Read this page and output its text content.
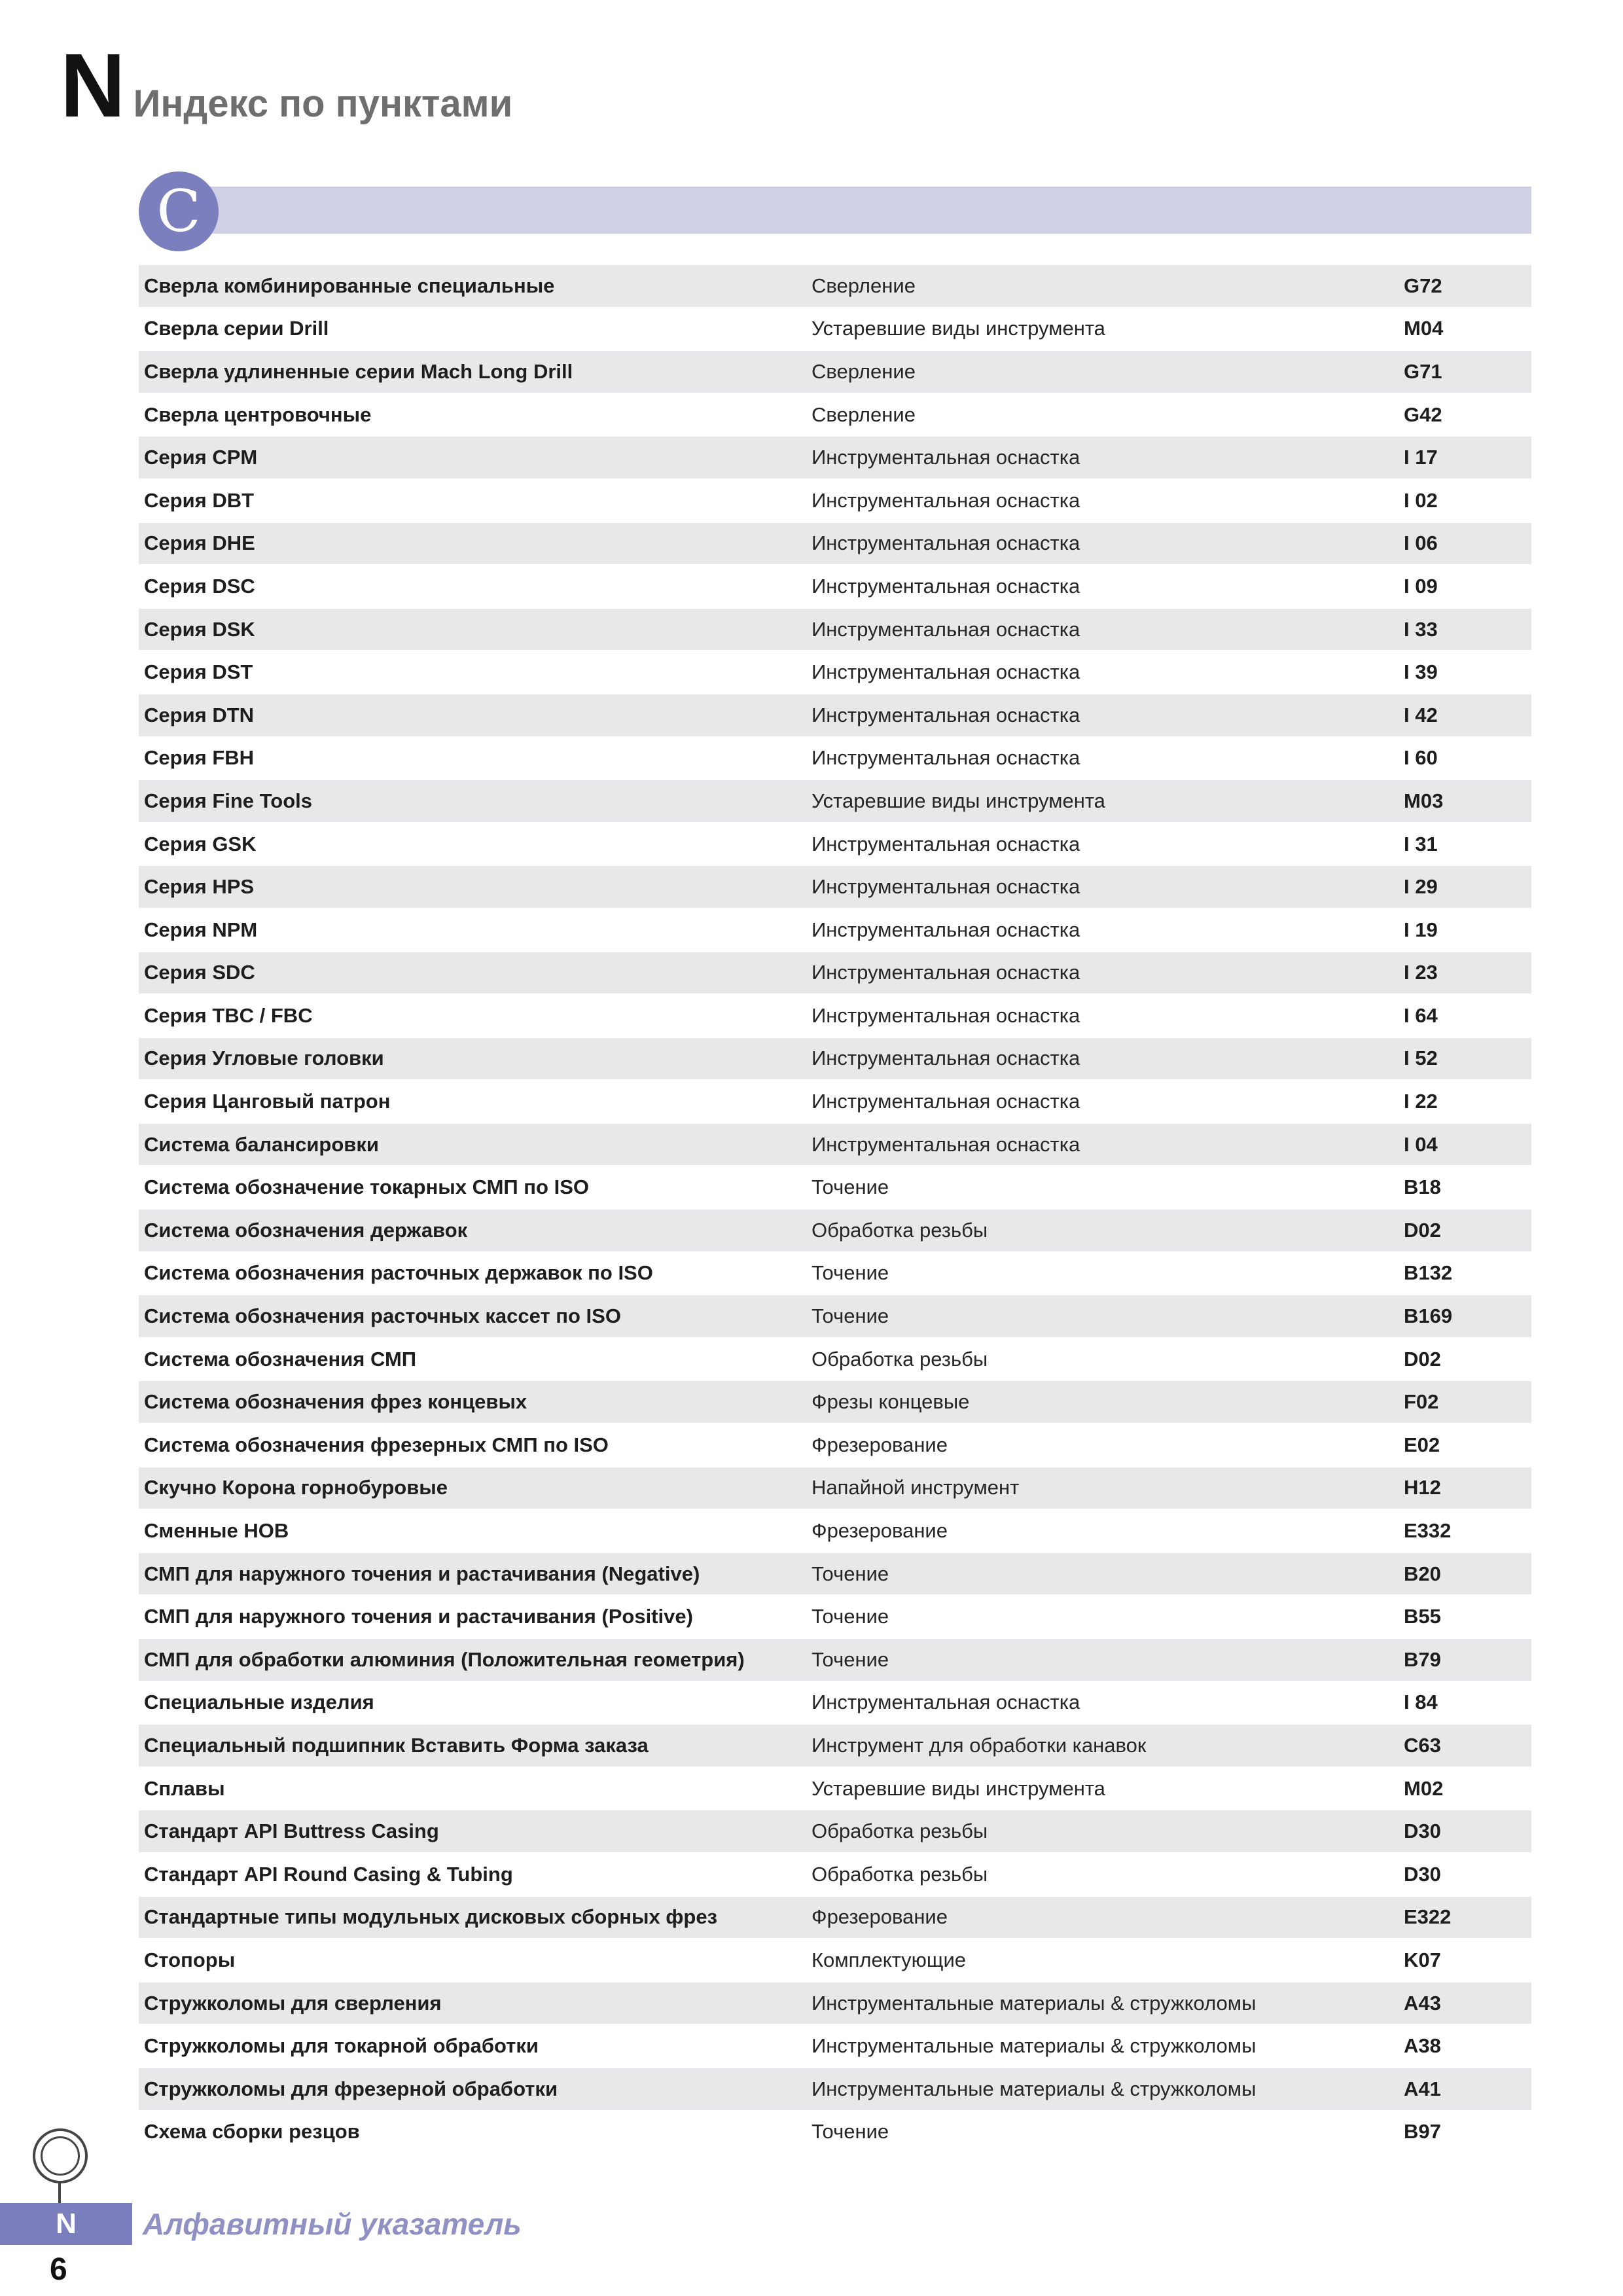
N Индекс по пунктами
C
Сверла комбинированные специальные	Сверление	G72
Сверла серии Drill	Устаревшие виды инструмента	M04
Сверла удлиненные серии Mach Long Drill	Сверление	G71
Сверла центровочные	Сверление	G42
Серия CPM	Инструментальная оснастка	I 17
Серия DBT	Инструментальная оснастка	I 02
Серия DHE	Инструментальная оснастка	I 06
Серия DSC	Инструментальная оснастка	I 09
Серия DSK	Инструментальная оснастка	I 33
Серия DST	Инструментальная оснастка	I 39
Серия DTN	Инструментальная оснастка	I 42
Серия FBH	Инструментальная оснастка	I 60
Серия Fine Tools	Устаревшие виды инструмента	M03
Серия GSK	Инструментальная оснастка	I 31
Серия HPS	Инструментальная оснастка	I 29
Серия NPM	Инструментальная оснастка	I 19
Серия SDC	Инструментальная оснастка	I 23
Серия TBC / FBC	Инструментальная оснастка	I 64
Серия Угловые головки	Инструментальная оснастка	I 52
Серия Цанговый патрон	Инструментальная оснастка	I 22
Система балансировки	Инструментальная оснастка	I 04
Система обозначение токарных СМП по ISO	Точение	B18
Система обозначения державок	Обработка резьбы	D02
Система обозначения расточных державок по ISO	Точение	B132
Система обозначения расточных кассет по ISO	Точение	B169
Система обозначения СМП	Обработка резьбы	D02
Система обозначения фрез концевых	Фрезы концевые	F02
Система обозначения фрезерных СМП по ISO	Фрезерование	E02
Скучно Корона горнобуровые	Напайной инструмент	H12
Сменные НОВ	Фрезерование	E332
СМП для наружного точения и растачивания (Negative)	Точение	B20
СМП для наружного точения и растачивания (Positive)	Точение	B55
СМП для обработки алюминия (Положительная геометрия)	Точение	B79
Специальные изделия	Инструментальная оснастка	I 84
Специальный подшипник Вставить Форма заказа	Инструмент для обработки канавок	C63
Сплавы	Устаревшие виды инструмента	M02
Стандарт API Buttress Casing	Обработка резьбы	D30
Стандарт API Round Casing & Tubing	Обработка резьбы	D30
Стандартные типы модульных дисковых сборных фрез	Фрезерование	E322
Стопоры	Комплектующие	K07
Стружколомы для сверления	Инструментальные материалы & стружколомы	A43
Стружколомы для токарной обработки	Инструментальные материалы & стружколомы	A38
Стружколомы для фрезерной обработки	Инструментальные материалы & стружколомы	A41
Схема сборки резцов	Точение	B97
N Алфавитный указатель
6
